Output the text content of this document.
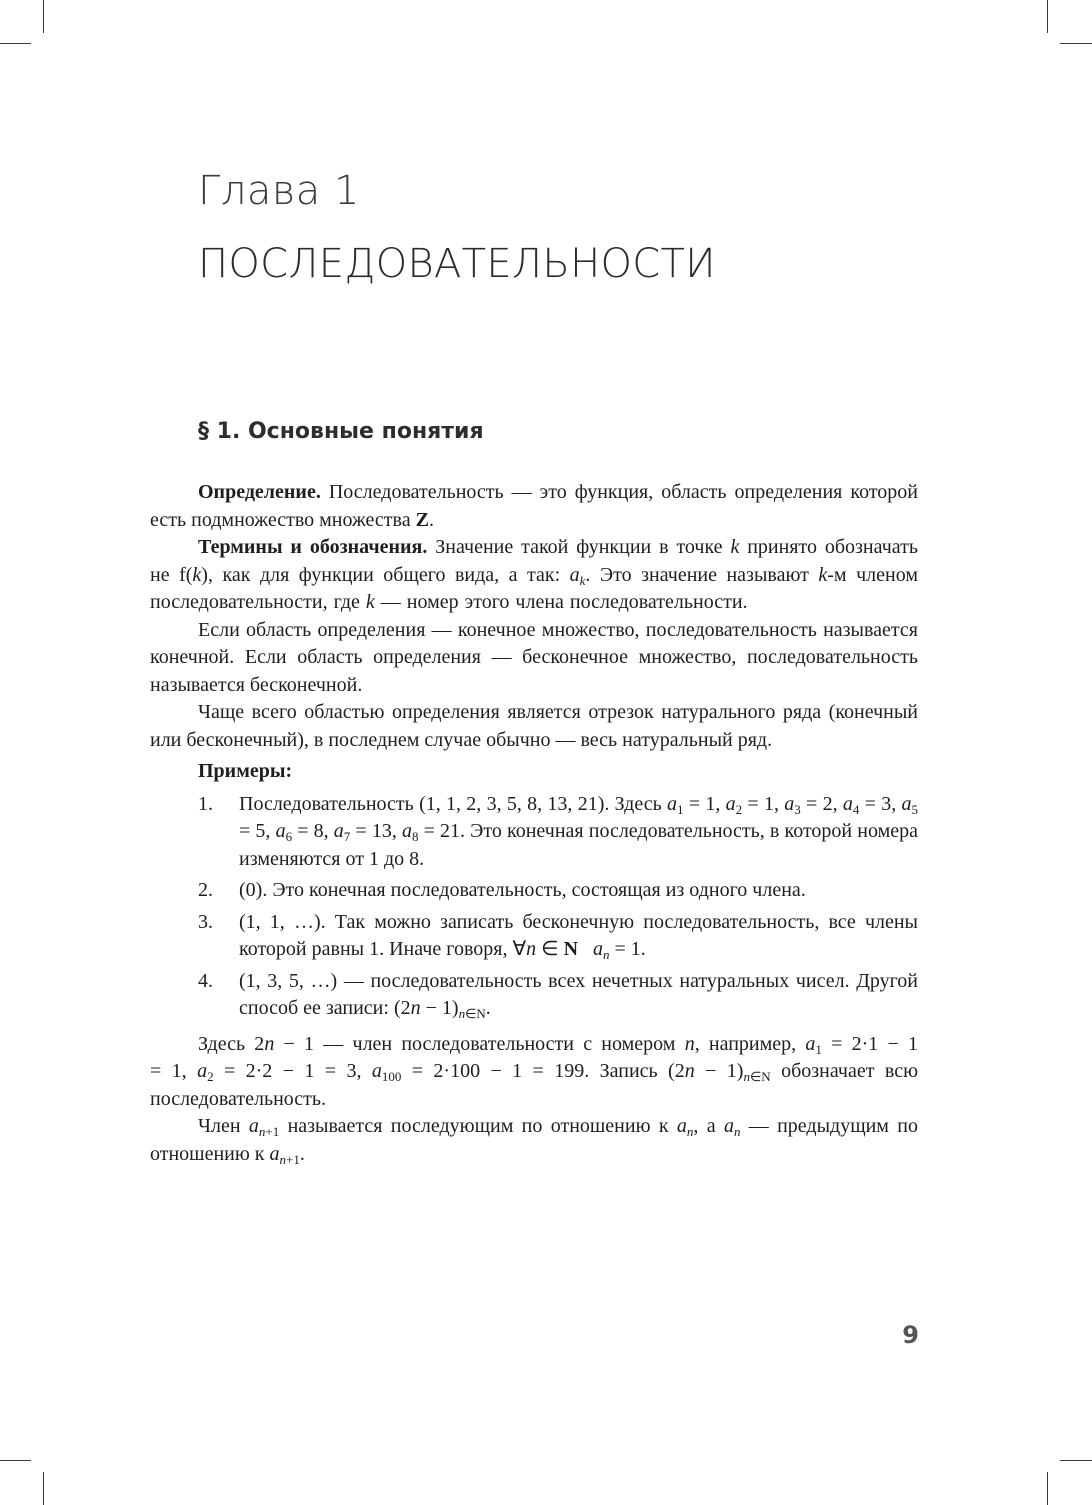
Глава 1
ПОСЛЕДОВАТЕЛЬНОСТИ
§ 1. Основные понятия

Определение. Последовательность — это функция, область определения которой есть подмножество множества Z.

Термины и обозначения. Значение такой функции в точке k принято обозначать не f(k), как для функции общего вида, а так: $a_k$. Это значение называют k-м членом последовательности, где k — номер этого члена последовательности.

Если область определения — конечное множество, последовательность называется конечной. Если область определения — бесконечное множество, последовательность называется бесконечной.

Чаще всего областью определения является отрезок натурального ряда (конечный или бесконечный), в последнем случае обычно — весь натуральный ряд.

Примеры:
1.	Последовательность (1, 1, 2, 3, 5, 8, 13, 21). Здесь $a_1 = 1$, $a_2 = 1$, $a_3 = 2$, $a_4 = 3$, $a_5 = 5$, $a_6 = 8$, $a_7 = 13$, $a_8 = 21$. Это конечная последовательность, в которой номера изменяются от 1 до 8.
2.	(0). Это конечная последовательность, состоящая из одного члена.
3.	(1, 1, …). Так можно записать бесконечную последовательность, все члены которой равны 1. Иначе говоря, ∀n ∈ N $a_n = 1$.
4.	(1, 3, 5, …) — последовательность всех нечетных натуральных чисел. Другой способ ее записи: $(2n - 1)_{n\in N}$.

Здесь 2n − 1 — член последовательности с номером n, например, $a_1 = 2\cdot 1 - 1 = 1$, $a_2 = 2\cdot 2 - 1 = 3$, $a_{100} = 2\cdot 100 - 1 = 199$. Запись $(2n - 1)_{n\in N}$ обозначает всю последовательность.

Член $a_{n+1}$ называется последующим по отношению к $a_n$, а $a_n$ — предыдущим по отношению к $a_{n+1}$.

9
